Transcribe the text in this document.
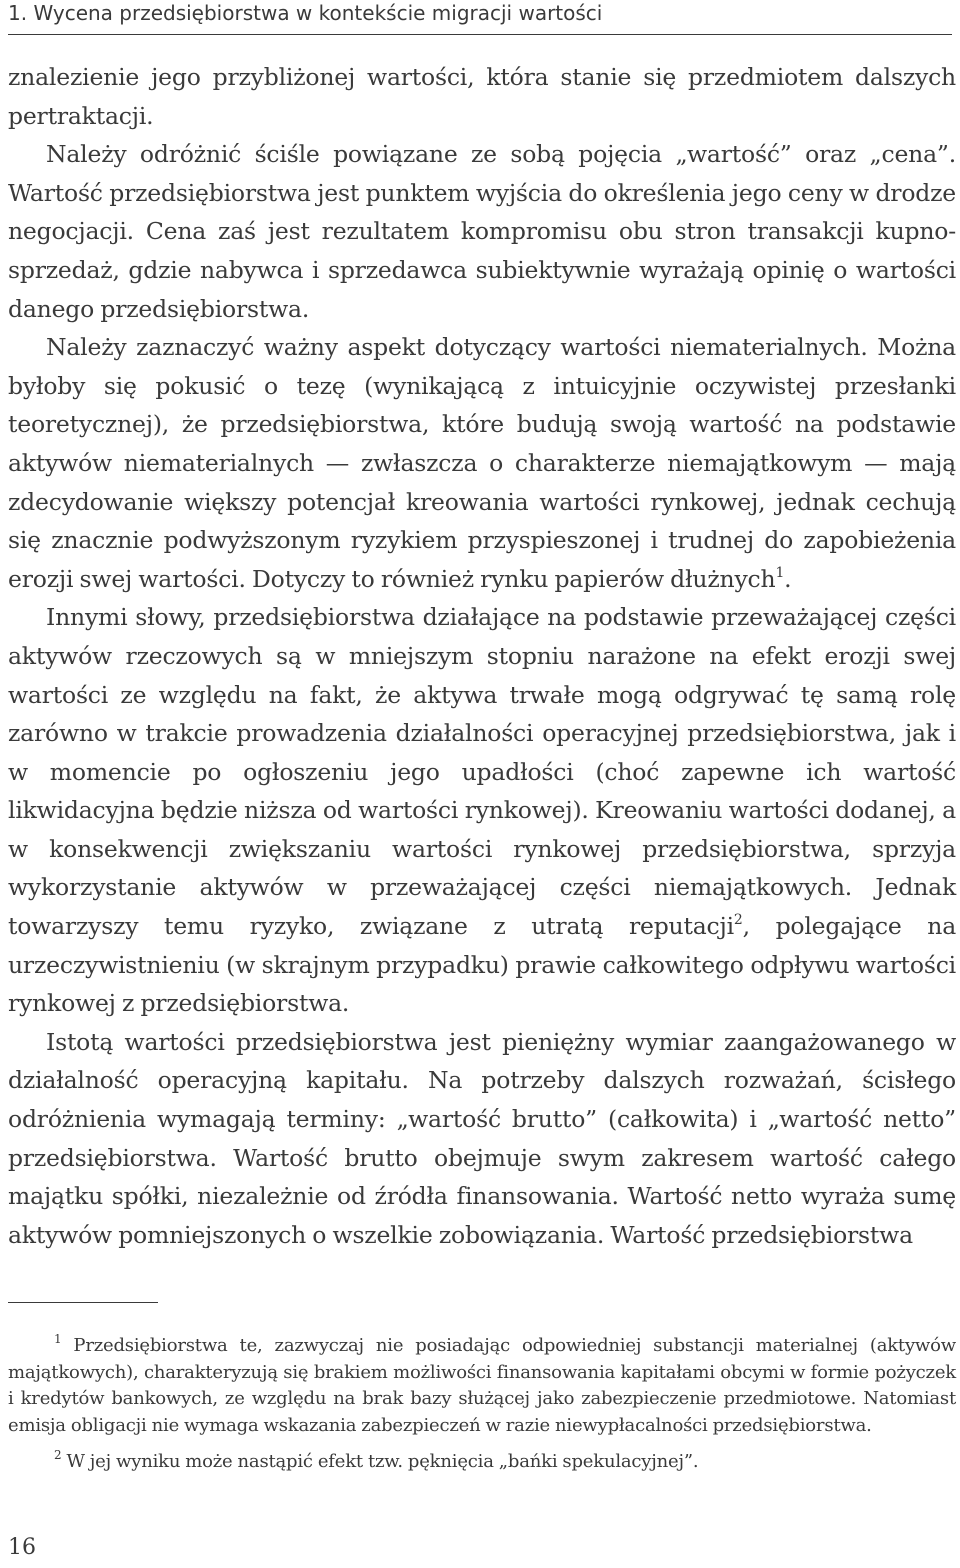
1. Wycena przedsiębiorstwa w kontekście migracji wartości

znalezienie jego przybliżonej wartości, która stanie się przedmiotem dalszych pertraktacji.

Należy odróżnić ściśle powiązane ze sobą pojęcia „wartość” oraz „cena”. Wartość przedsiębiorstwa jest punktem wyjścia do określenia jego ceny w drodze negocjacji. Cena zaś jest rezultatem kompromisu obu stron transakcji kupno-sprzedaż, gdzie nabywca i sprzedawca subiektywnie wyrażają opinię o wartości danego przedsiębiorstwa.

Należy zaznaczyć ważny aspekt dotyczący wartości niematerialnych. Można byłoby się pokusić o tezę (wynikającą z intuicyjnie oczywistej przesłanki teoretycznej), że przedsiębiorstwa, które budują swoją wartość na podstawie aktywów niematerialnych — zwłaszcza o charakterze niemajątkowym — mają zdecydowanie większy potencjał kreowania wartości rynkowej, jednak cechują się znacznie podwyższonym ryzykiem przyspieszonej i trudnej do zapobieżenia erozji swej wartości. Dotyczy to również rynku papierów dłużnych$^1$.

Innymi słowy, przedsiębiorstwa działające na podstawie przeważającej części aktywów rzeczowych są w mniejszym stopniu narażone na efekt erozji swej wartości ze względu na fakt, że aktywa trwałe mogą odgrywać tę samą rolę zarówno w trakcie prowadzenia działalności operacyjnej przedsiębiorstwa, jak i w momencie po ogłoszeniu jego upadłości (choć zapewne ich wartość likwidacyjna będzie niższa od wartości rynkowej). Kreowaniu wartości dodanej, a w konsekwencji zwiększaniu wartości rynkowej przedsiębiorstwa, sprzyja wykorzystanie aktywów w przeważającej części niemajątkowych. Jednak towarzyszy temu ryzyko, związane z utratą reputacji$^2$, polegające na urzeczywistnieniu (w skrajnym przypadku) prawie całkowitego odpływu wartości rynkowej z przedsiębiorstwa.

Istotą wartości przedsiębiorstwa jest pieniężny wymiar zaangażowanego w działalność operacyjną kapitału. Na potrzeby dalszych rozważań, ścisłego odróżnienia wymagają terminy: „wartość brutto” (całkowita) i „wartość netto” przedsiębiorstwa. Wartość brutto obejmuje swym zakresem wartość całego majątku spółki, niezależnie od źródła finansowania. Wartość netto wyraża sumę aktywów pomniejszonych o wszelkie zobowiązania. Wartość przedsiębiorstwa

$^1$ Przedsiębiorstwa te, zazwyczaj nie posiadając odpowiedniej substancji materialnej (aktywów majątkowych), charakteryzują się brakiem możliwości finansowania kapitałami obcymi w formie pożyczek i kredytów bankowych, ze względu na brak bazy służącej jako zabezpieczenie przedmiotowe. Natomiast emisja obligacji nie wymaga wskazania zabezpieczeń w razie niewypłacalności przedsiębiorstwa.

$^2$ W jej wyniku może nastąpić efekt tzw. pęknięcia „bańki spekulacyjnej”.

16
